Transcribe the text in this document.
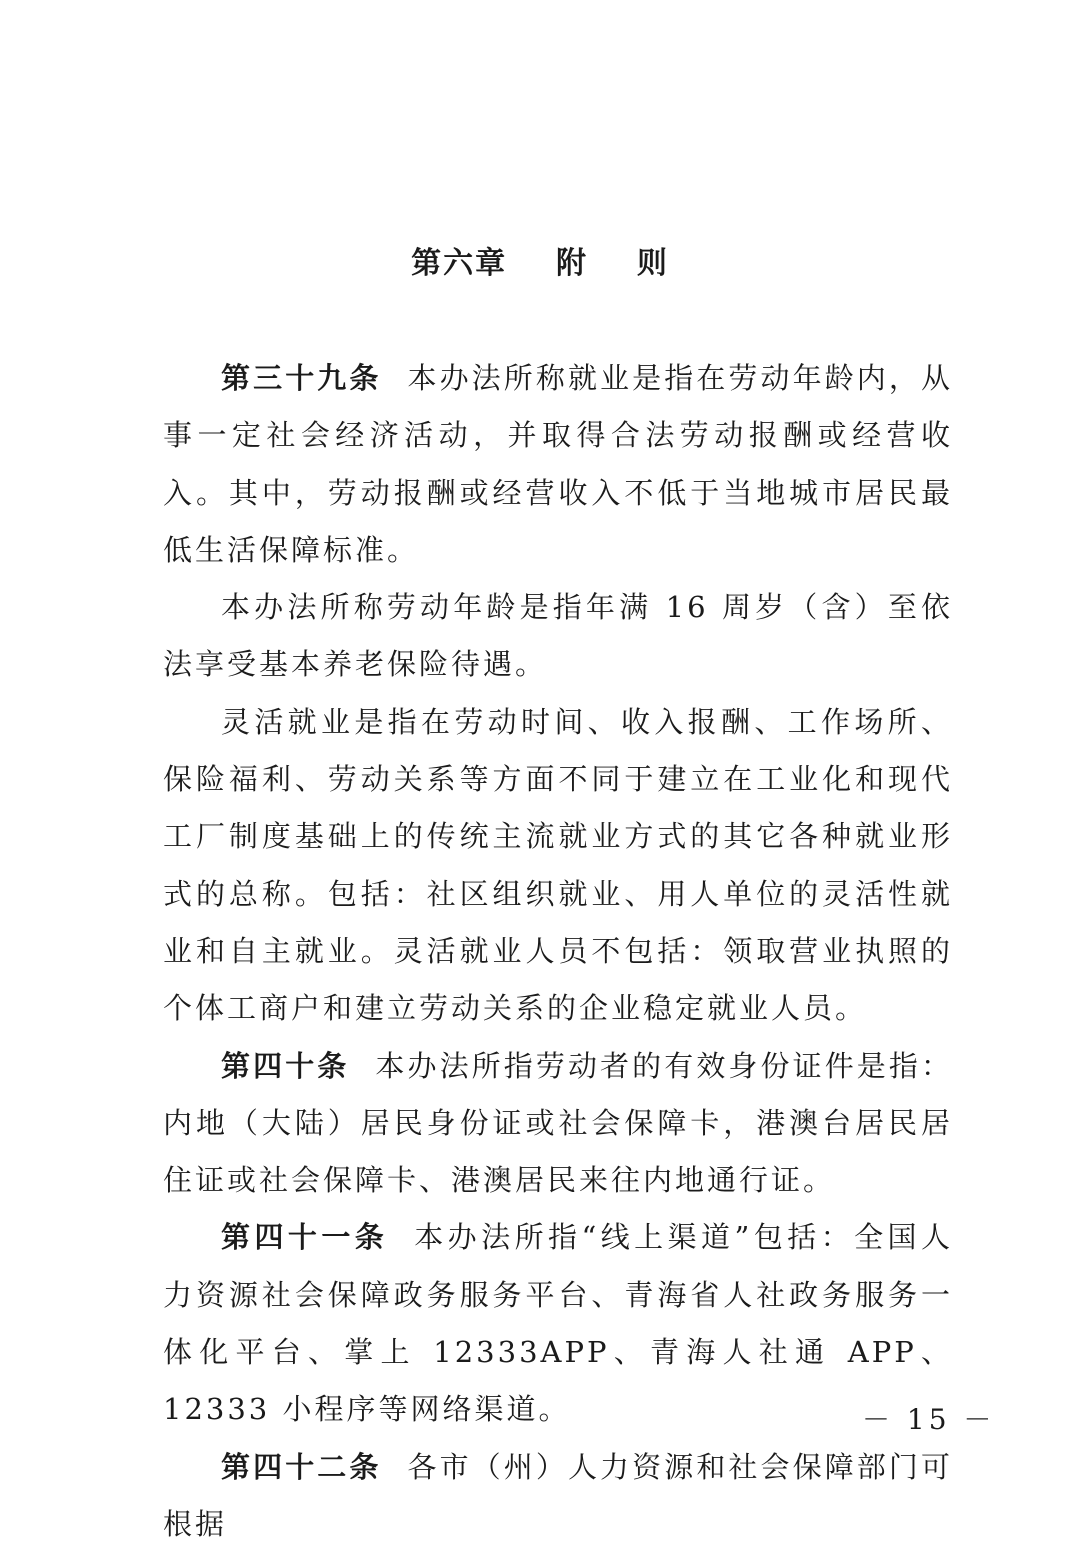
第六章  附  则

第三十九条 本办法所称就业是指在劳动年龄内，从事一定社会经济活动，并取得合法劳动报酬或经营收入。其中，劳动报酬或经营收入不低于当地城市居民最低生活保障标准。

本办法所称劳动年龄是指年满 16 周岁（含）至依法享受基本养老保险待遇。

灵活就业是指在劳动时间、收入报酬、工作场所、保险福利、劳动关系等方面不同于建立在工业化和现代工厂制度基础上的传统主流就业方式的其它各种就业形式的总称。包括：社区组织就业、用人单位的灵活性就业和自主就业。灵活就业人员不包括：领取营业执照的个体工商户和建立劳动关系的企业稳定就业人员。

第四十条 本办法所指劳动者的有效身份证件是指：内地（大陆）居民身份证或社会保障卡，港澳台居民居住证或社会保障卡、港澳居民来往内地通行证。

第四十一条 本办法所指“线上渠道”包括：全国人力资源社会保障政务服务平台、青海省人社政务服务一体化平台、掌上 12333APP、青海人社通 APP、12333 小程序等网络渠道。

第四十二条 各市（州）人力资源和社会保障部门可根据

－ 15 －
